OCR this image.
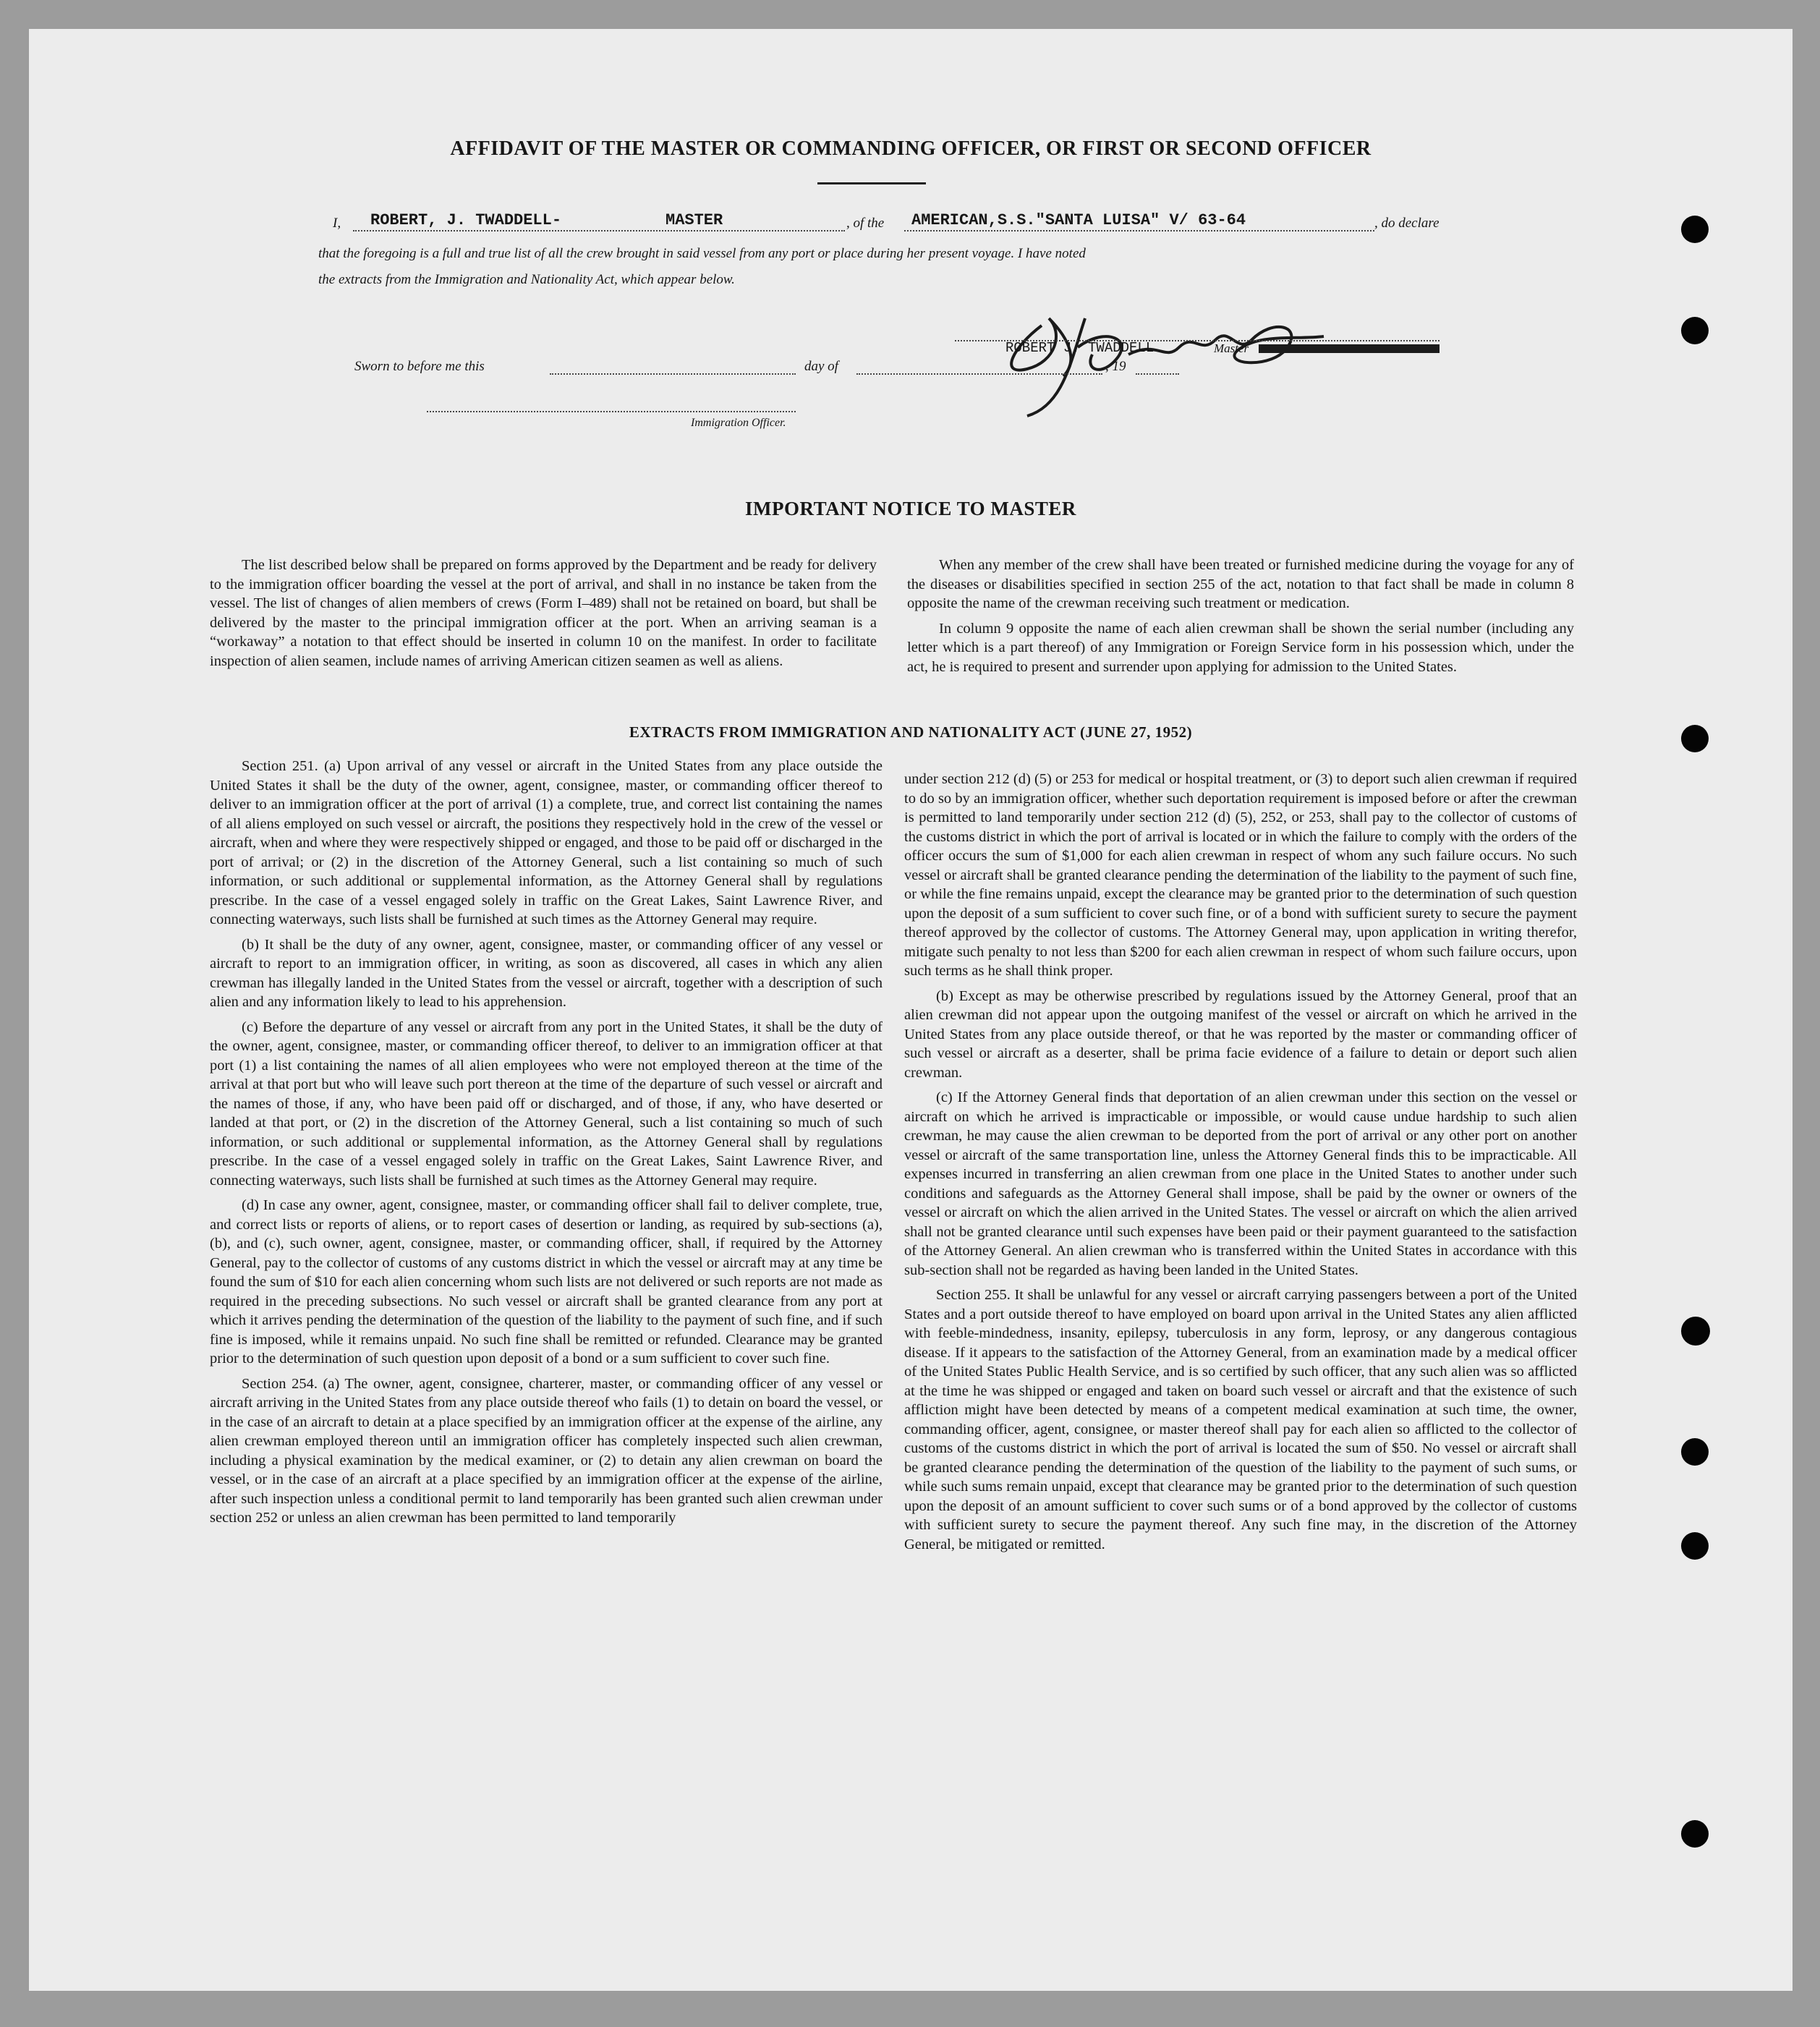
AFFIDAVIT OF THE MASTER OR COMMANDING OFFICER, OR FIRST OR SECOND OFFICER
I, ROBERT, J. TWADDELL-	MASTER	, of the AMERICAN,S.S."SANTA LUISA" V/ 63-64	, do declare
that the foregoing is a full and true list of all the crew brought in said vessel from any port or place during her present voyage. I have noted
the extracts from the Immigration and Nationality Act, which appear below.
ROBERT J. TWADDELL	Master
Sworn to before me this	day of	, 19
Immigration Officer.
IMPORTANT NOTICE TO MASTER

The list described below shall be prepared on forms approved by the Department and be ready for delivery to the immigration officer boarding the vessel at the port of arrival, and shall in no instance be taken from the vessel. The list of changes of alien members of crews (Form I–489) shall not be retained on board, but shall be delivered by the master to the principal immigration officer at the port. When an arriving seaman is a “workaway” a notation to that effect should be inserted in column 10 on the manifest. In order to facilitate inspection of alien seamen, include names of arriving American citizen seamen as well as aliens.

When any member of the crew shall have been treated or furnished medicine during the voyage for any of the diseases or disabilities specified in section 255 of the act, notation to that fact shall be made in column 8 opposite the name of the crewman receiving such treatment or medication.

In column 9 opposite the name of each alien crewman shall be shown the serial number (including any letter which is a part thereof) of any Immigration or Foreign Service form in his possession which, under the act, he is required to present and surrender upon applying for admission to the United States.

EXTRACTS FROM IMMIGRATION AND NATIONALITY ACT (JUNE 27, 1952)

Section 251. (a) Upon arrival of any vessel or aircraft in the United States from any place outside the United States it shall be the duty of the owner, agent, consignee, master, or commanding officer thereof to deliver to an immigration officer at the port of arrival (1) a complete, true, and correct list containing the names of all aliens employed on such vessel or aircraft, the positions they respectively hold in the crew of the vessel or aircraft, when and where they were respectively shipped or engaged, and those to be paid off or discharged in the port of arrival; or (2) in the discretion of the Attorney General, such a list containing so much of such information, or such additional or supplemental information, as the Attorney General shall by regulations prescribe. In the case of a vessel engaged solely in traffic on the Great Lakes, Saint Lawrence River, and connecting waterways, such lists shall be furnished at such times as the Attorney General may require.

(b) It shall be the duty of any owner, agent, consignee, master, or commanding officer of any vessel or aircraft to report to an immigration officer, in writing, as soon as discovered, all cases in which any alien crewman has illegally landed in the United States from the vessel or aircraft, together with a description of such alien and any information likely to lead to his apprehension.

(c) Before the departure of any vessel or aircraft from any port in the United States, it shall be the duty of the owner, agent, consignee, master, or commanding officer thereof, to deliver to an immigration officer at that port (1) a list containing the names of all alien employees who were not employed thereon at the time of the arrival at that port but who will leave such port thereon at the time of the departure of such vessel or aircraft and the names of those, if any, who have been paid off or discharged, and of those, if any, who have deserted or landed at that port, or (2) in the discretion of the Attorney General, such a list containing so much of such information, or such additional or supplemental information, as the Attorney General shall by regulations prescribe. In the case of a vessel engaged solely in traffic on the Great Lakes, Saint Lawrence River, and connecting waterways, such lists shall be furnished at such times as the Attorney General may require.

(d) In case any owner, agent, consignee, master, or commanding officer shall fail to deliver complete, true, and correct lists or reports of aliens, or to report cases of desertion or landing, as required by sub-sections (a), (b), and (c), such owner, agent, consignee, master, or commanding officer, shall, if required by the Attorney General, pay to the collector of customs of any customs district in which the vessel or aircraft may at any time be found the sum of $10 for each alien concerning whom such lists are not delivered or such reports are not made as required in the preceding subsections. No such vessel or aircraft shall be granted clearance from any port at which it arrives pending the determination of the question of the liability to the payment of such fine, and if such fine is imposed, while it remains unpaid. No such fine shall be remitted or refunded. Clearance may be granted prior to the determination of such question upon deposit of a bond or a sum sufficient to cover such fine.

Section 254. (a) The owner, agent, consignee, charterer, master, or commanding officer of any vessel or aircraft arriving in the United States from any place outside thereof who fails (1) to detain on board the vessel, or in the case of an aircraft to detain at a place specified by an immigration officer at the expense of the airline, any alien crewman employed thereon until an immigration officer has completely inspected such alien crewman, including a physical examination by the medical examiner, or (2) to detain any alien crewman on board the vessel, or in the case of an aircraft at a place specified by an immigration officer at the expense of the airline, after such inspection unless a conditional permit to land temporarily has been granted such alien crewman under section 252 or unless an alien crewman has been permitted to land temporarily

under section 212 (d) (5) or 253 for medical or hospital treatment, or (3) to deport such alien crewman if required to do so by an immigration officer, whether such deportation requirement is imposed before or after the crewman is permitted to land temporarily under section 212 (d) (5), 252, or 253, shall pay to the collector of customs of the customs district in which the port of arrival is located or in which the failure to comply with the orders of the officer occurs the sum of $1,000 for each alien crewman in respect of whom any such failure occurs. No such vessel or aircraft shall be granted clearance pending the determination of the liability to the payment of such fine, or while the fine remains unpaid, except the clearance may be granted prior to the determination of such question upon the deposit of a sum sufficient to cover such fine, or of a bond with sufficient surety to secure the payment thereof approved by the collector of customs. The Attorney General may, upon application in writing therefor, mitigate such penalty to not less than $200 for each alien crewman in respect of whom such failure occurs, upon such terms as he shall think proper.

(b) Except as may be otherwise prescribed by regulations issued by the Attorney General, proof that an alien crewman did not appear upon the outgoing manifest of the vessel or aircraft on which he arrived in the United States from any place outside thereof, or that he was reported by the master or commanding officer of such vessel or aircraft as a deserter, shall be prima facie evidence of a failure to detain or deport such alien crewman.

(c) If the Attorney General finds that deportation of an alien crewman under this section on the vessel or aircraft on which he arrived is impracticable or impossible, or would cause undue hardship to such alien crewman, he may cause the alien crewman to be deported from the port of arrival or any other port on another vessel or aircraft of the same transportation line, unless the Attorney General finds this to be impracticable. All expenses incurred in transferring an alien crewman from one place in the United States to another under such conditions and safeguards as the Attorney General shall impose, shall be paid by the owner or owners of the vessel or aircraft on which the alien arrived in the United States. The vessel or aircraft on which the alien arrived shall not be granted clearance until such expenses have been paid or their payment guaranteed to the satisfaction of the Attorney General. An alien crewman who is transferred within the United States in accordance with this sub-section shall not be regarded as having been landed in the United States.

Section 255. It shall be unlawful for any vessel or aircraft carrying passengers between a port of the United States and a port outside thereof to have employed on board upon arrival in the United States any alien afflicted with feeble-mindedness, insanity, epilepsy, tuberculosis in any form, leprosy, or any dangerous contagious disease. If it appears to the satisfaction of the Attorney General, from an examination made by a medical officer of the United States Public Health Service, and is so certified by such officer, that any such alien was so afflicted at the time he was shipped or engaged and taken on board such vessel or aircraft and that the existence of such affliction might have been detected by means of a competent medical examination at such time, the owner, commanding officer, agent, consignee, or master thereof shall pay for each alien so afflicted to the collector of customs of the customs district in which the port of arrival is located the sum of $50. No vessel or aircraft shall be granted clearance pending the determination of the question of the liability to the payment of such sums, or while such sums remain unpaid, except that clearance may be granted prior to the determination of such question upon the deposit of an amount sufficient to cover such sums or of a bond approved by the collector of customs with sufficient surety to secure the payment thereof. Any such fine may, in the discretion of the Attorney General, be mitigated or remitted.
